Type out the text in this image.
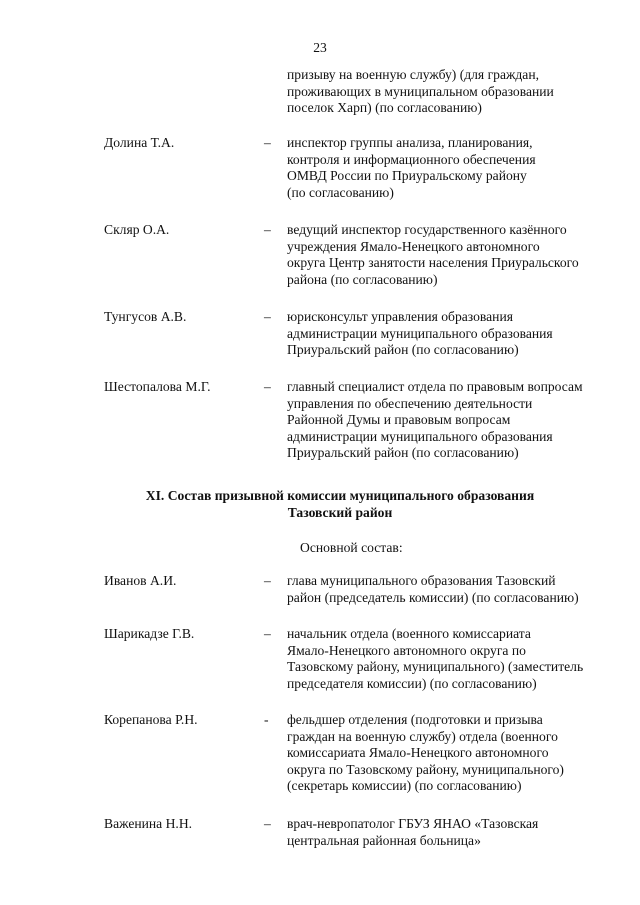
23
призыву на военную службу) (для граждан,
проживающих в муниципальном образовании
поселок Харп) (по согласованию)
Долина Т.А.	– инспектор группы анализа, планирования,
контроля и информационного обеспечения
ОМВД России по Приуральскому району
(по согласованию)
Скляр О.А.	– ведущий инспектор государственного казённого
учреждения Ямало-Ненецкого автономного
округа Центр занятости населения Приуральского
района (по согласованию)
Тунгусов А.В.	– юрисконсульт управления образования
администрации муниципального образования
Приуральский район (по согласованию)
Шестопалова М.Г.	– главный специалист отдела по правовым вопросам
управления по обеспечению деятельности
Районной Думы и правовым вопросам
администрации муниципального образования
Приуральский район (по согласованию)
XI. Состав призывной комиссии муниципального образования
Тазовский район
Основной состав:
Иванов А.И.	– глава муниципального образования Тазовский
район (председатель комиссии) (по согласованию)
Шарикадзе Г.В.	– начальник отдела (военного комиссариата
Ямало-Ненецкого автономного округа по
Тазовскому району, муниципального) (заместитель
председателя комиссии) (по согласованию)
Корепанова Р.Н.	- фельдшер отделения (подготовки и призыва
граждан на военную службу) отдела (военного
комиссариата Ямало-Ненецкого автономного
округа по Тазовскому району, муниципального)
(секретарь комиссии) (по согласованию)
Важенина Н.Н.	– врач-невропатолог ГБУЗ ЯНАО «Тазовская
центральная районная больница»
